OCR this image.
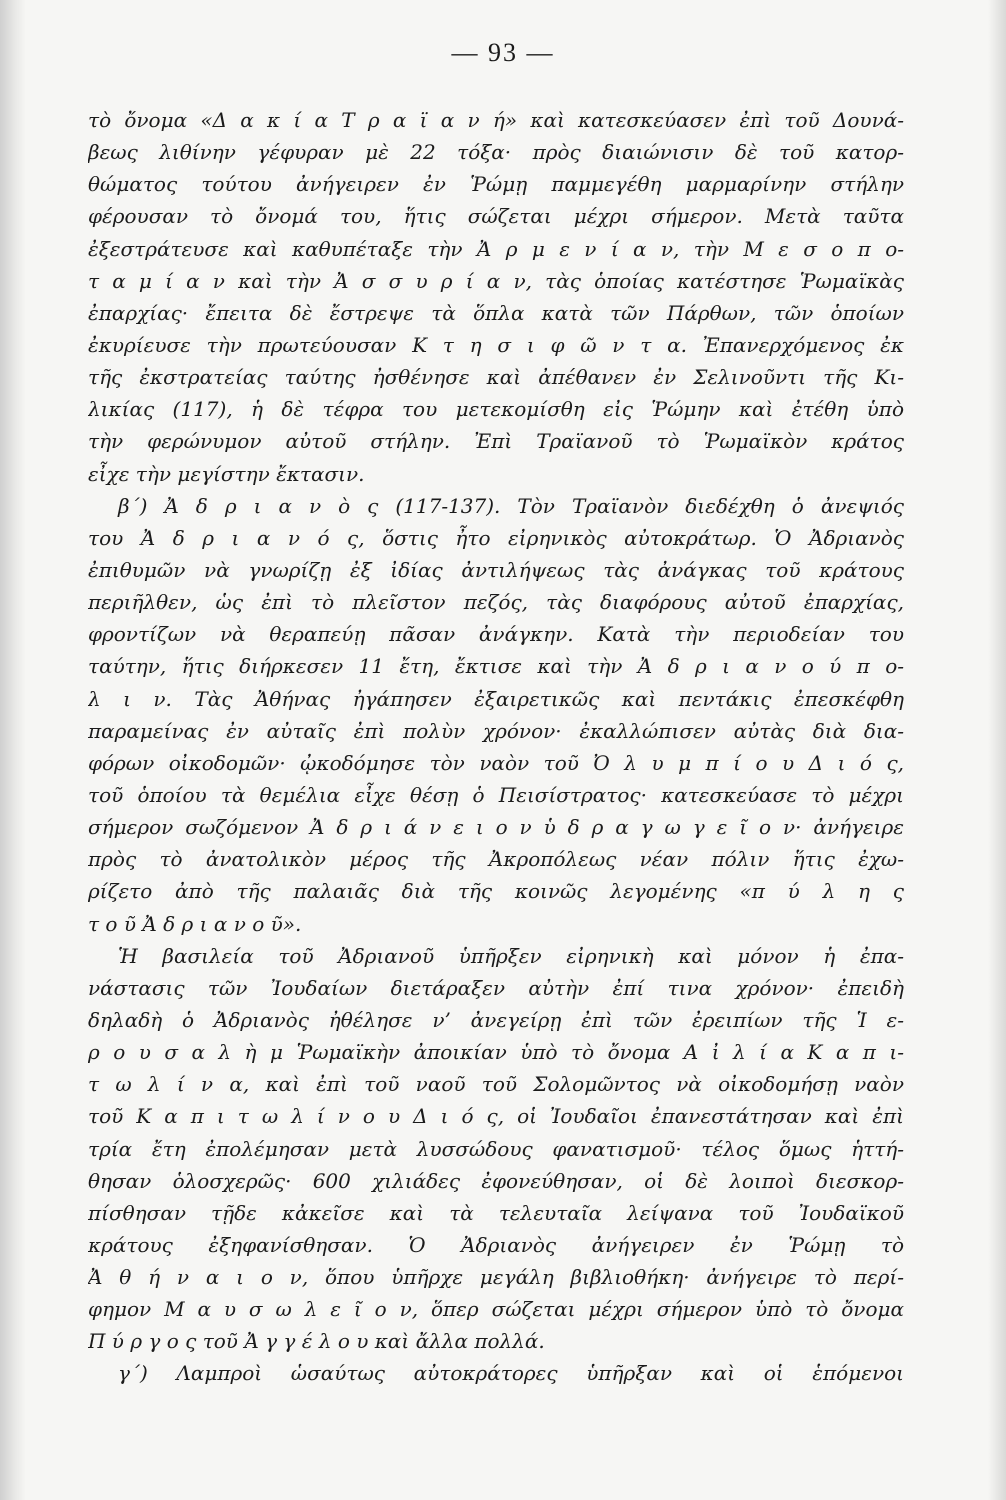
— 93 —
τὸ ὄνομα «Δ α κ ί α Τ ρ α ϊ α ν ή» καὶ κατεσκεύασεν ἐπὶ τοῦ Δουνά-
βεως λιθίνην γέφυραν μὲ 22 τόξα· πρὸς διαιώνισιν δὲ τοῦ κατορ-
θώματος τούτου ἀνήγειρεν ἐν Ῥώμῃ παμμεγέθη μαρμαρίνην στήλην
φέρουσαν τὸ ὄνομά του, ἥτις σώζεται μέχρι σήμερον. Μετὰ ταῦτα
ἐξεστράτευσε καὶ καθυπέταξε τὴν Ἀ ρ μ ε ν ί α ν, τὴν Μ ε σ ο π ο-
τ α μ ί α ν καὶ τὴν Ἀ σ σ υ ρ ί α ν, τὰς ὁποίας κατέστησε Ῥωμαϊκὰς
ἐπαρχίας· ἔπειτα δὲ ἔστρεψε τὰ ὅπλα κατὰ τῶν Πάρθων, τῶν ὁποίων
ἐκυρίευσε τὴν πρωτεύουσαν Κ τ η σ ι φ ῶ ν τ α. Ἐπανερχόμενος ἐκ
τῆς ἐκστρατείας ταύτης ἠσθένησε καὶ ἀπέθανεν ἐν Σελινοῦντι τῆς Κι-
λικίας (117), ἡ δὲ τέφρα του μετεκομίσθη εἰς Ῥώμην καὶ ἐτέθη ὑπὸ
τὴν φερώνυμον αὐτοῦ στήλην. Ἐπὶ Τραϊανοῦ τὸ Ῥωμαϊκὸν κράτος
εἶχε τὴν μεγίστην ἔκτασιν.
β΄) Ἀ δ ρ ι α ν ὸ ς (117-137). Τὸν Τραϊανὸν διεδέχθη ὁ ἀνεψιός
του Ἀ δ ρ ι α ν ό ς, ὅστις ἦτο εἰρηνικὸς αὐτοκράτωρ. Ὁ Ἀδριανὸς
ἐπιθυμῶν νὰ γνωρίζῃ ἐξ ἰδίας ἀντιλήψεως τὰς ἀνάγκας τοῦ κράτους
περιῆλθεν, ὡς ἐπὶ τὸ πλεῖστον πεζός, τὰς διαφόρους αὐτοῦ ἐπαρχίας,
φροντίζων νὰ θεραπεύῃ πᾶσαν ἀνάγκην. Κατὰ τὴν περιοδείαν του
ταύτην, ἥτις διήρκεσεν 11 ἔτη, ἔκτισε καὶ τὴν Ἀ δ ρ ι α ν ο ύ π ο-
λ ι ν. Τὰς Ἀθήνας ἠγάπησεν ἐξαιρετικῶς καὶ πεντάκις ἐπεσκέφθη
παραμείνας ἐν αὐταῖς ἐπὶ πολὺν χρόνον· ἐκαλλώπισεν αὐτὰς διὰ δια-
φόρων οἰκοδομῶν· ᾠκοδόμησε τὸν ναὸν τοῦ Ὀ λ υ μ π ί ο υ Δ ι ό ς,
τοῦ ὁποίου τὰ θεμέλια εἶχε θέσῃ ὁ Πεισίστρατος· κατεσκεύασε τὸ μέχρι
σήμερον σωζόμενον Ἀ δ ρ ι ά ν ε ι ο ν ὑ δ ρ α γ ω γ ε ῖ ο ν· ἀνήγειρε
πρὸς τὸ ἀνατολικὸν μέρος τῆς Ἀκροπόλεως νέαν πόλιν ἥτις ἐχω-
ρίζετο ἀπὸ τῆς παλαιᾶς διὰ τῆς κοινῶς λεγομένης «π ύ λ η ς
τ ο ῦ Ἀ δ ρ ι α ν ο ῦ».
Ἡ βασιλεία τοῦ Ἀδριανοῦ ὑπῆρξεν εἰρηνικὴ καὶ μόνον ἡ ἐπα-
νάστασις τῶν Ἰουδαίων διετάραξεν αὐτὴν ἐπί τινα χρόνον· ἐπειδὴ
δηλαδὴ ὁ Ἀδριανὸς ἠθέλησε ν’ ἀνεγείρῃ ἐπὶ τῶν ἐρειπίων τῆς Ἱ ε-
ρ ο υ σ α λ ὴ μ Ῥωμαϊκὴν ἀποικίαν ὑπὸ τὸ ὄνομα Α ἰ λ ί α Κ α π ι-
τ ω λ ί ν α, καὶ ἐπὶ τοῦ ναοῦ τοῦ Σολομῶντος νὰ οἰκοδομήσῃ ναὸν
τοῦ Κ α π ι τ ω λ ί ν ο υ Δ ι ό ς, οἱ Ἰουδαῖοι ἐπανεστάτησαν καὶ ἐπὶ
τρία ἔτη ἐπολέμησαν μετὰ λυσσώδους φανατισμοῦ· τέλος ὅμως ἡττή-
θησαν ὁλοσχερῶς· 600 χιλιάδες ἐφονεύθησαν, οἱ δὲ λοιποὶ διεσκορ-
πίσθησαν τῇδε κἀκεῖσε καὶ τὰ τελευταῖα λείψανα τοῦ Ἰουδαϊκοῦ
κράτους ἐξηφανίσθησαν. Ὁ Ἀδριανὸς ἀνήγειρεν ἐν Ῥώμῃ τὸ
Ἀ θ ή ν α ι ο ν, ὅπου ὑπῆρχε μεγάλη βιβλιοθήκη· ἀνήγειρε τὸ περί-
φημον Μ α υ σ ω λ ε ῖ ο ν, ὅπερ σώζεται μέχρι σήμερον ὑπὸ τὸ ὄνομα
Π ύ ρ γ ο ς τοῦ Ἀ γ γ έ λ ο υ καὶ ἄλλα πολλά.
γ΄) Λαμπροὶ ὡσαύτως αὐτοκράτορες ὑπῆρξαν καὶ οἱ ἑπόμενοι
